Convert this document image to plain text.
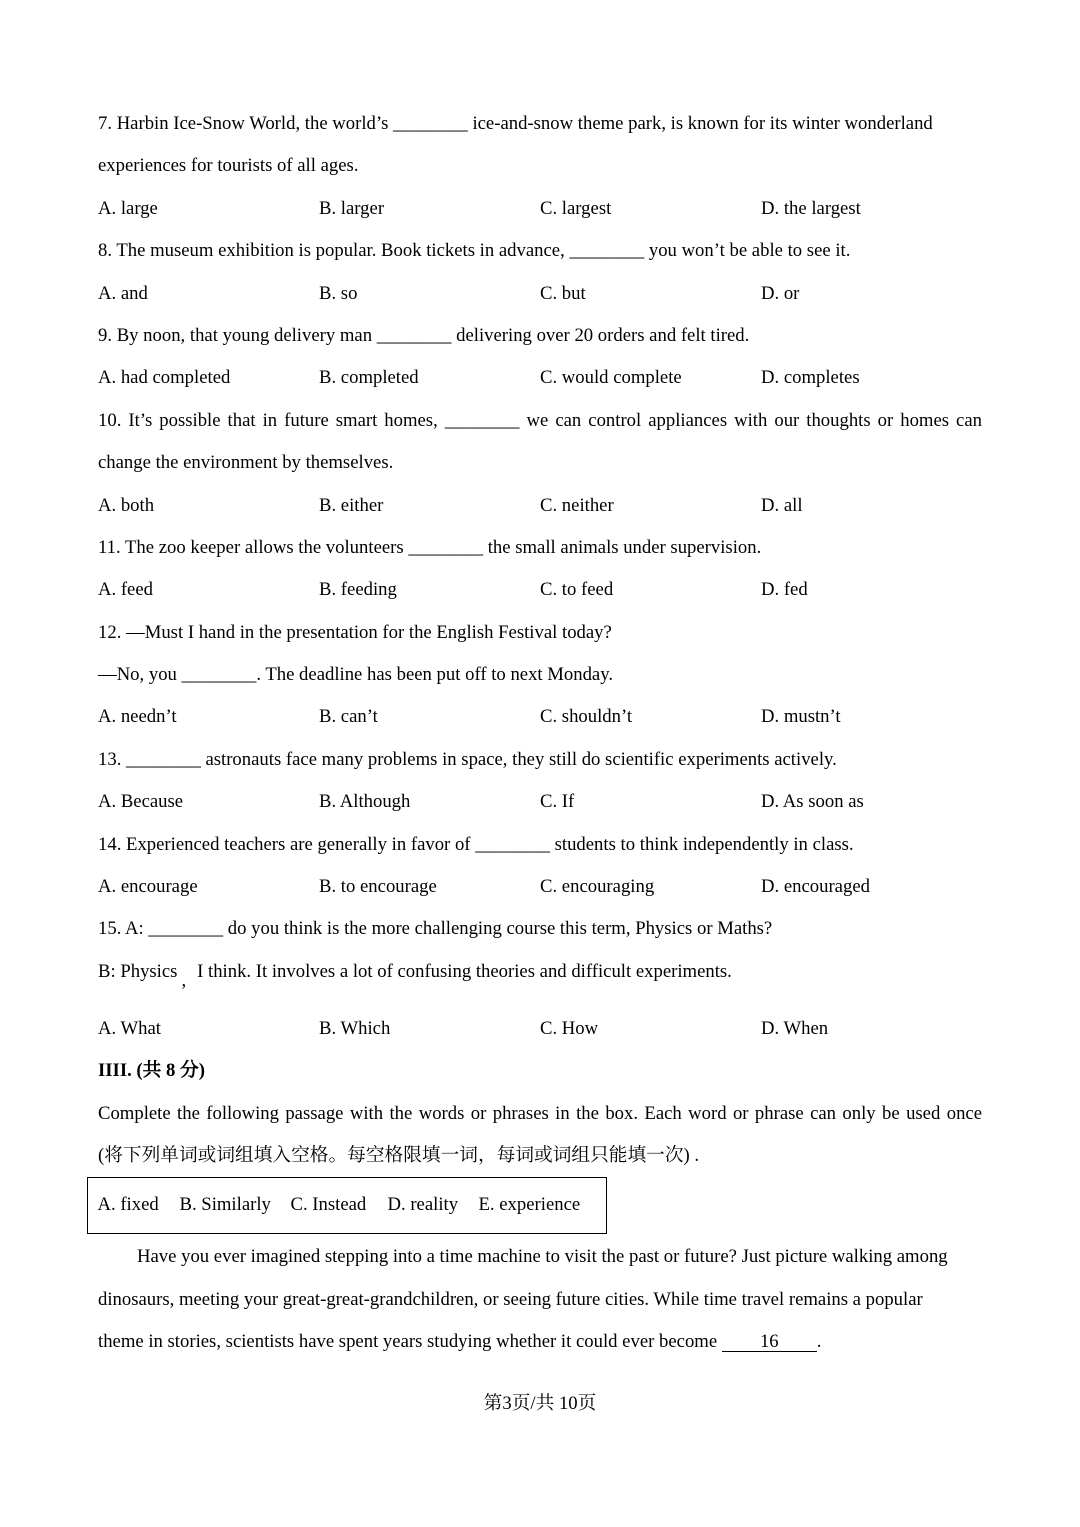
7. Harbin Ice-Snow World, the world’s ________ ice-and-snow theme park, is known for its winter wonderland
experiences for tourists of all ages.
A. large	B. larger	C. largest	D. the largest
8. The museum exhibition is popular. Book tickets in advance, ________ you won’t be able to see it.
A. and	B. so	C. but	D. or
9. By noon, that young delivery man ________ delivering over 20 orders and felt tired.
A. had completed	B. completed	C. would complete	D. completes
10. It’s possible that in future smart homes, ________ we can control appliances with our thoughts or homes can
change the environment by themselves.
A. both	B. either	C. neither	D. all
11. The zoo keeper allows the volunteers ________ the small animals under supervision.
A. feed	B. feeding	C. to feed	D. fed
12. —Must I hand in the presentation for the English Festival today?
—No, you ________. The deadline has been put off to next Monday.
A. needn’t	B. can’t	C. shouldn’t	D. mustn’t
13. ________ astronauts face many problems in space, they still do scientific experiments actively.
A. Because	B. Although	C. If	D. As soon as
14. Experienced teachers are generally in favor of ________ students to think independently in class.
A. encourage	B. to encourage	C. encouraging	D. encouraged
15. A: ________ do you think is the more challenging course this term, Physics or Maths?
B: Physics , I think. It involves a lot of confusing theories and difficult experiments.
A. What	B. Which	C. How	D. When
IIII. (共 8 分)
Complete the following passage with the words or phrases in the box. Each word or phrase can only be used once
(将下列单词或词组填入空格。每空格限填一词，每词或词组只能填一次) .
A. fixed B. Similarly C. Instead D. reality E. experience
Have you ever imagined stepping into a time machine to visit the past or future? Just picture walking among
dinosaurs, meeting your great-great-grandchildren, or seeing future cities. While time travel remains a popular
theme in stories, scientists have spent years studying whether it could ever become 16 .
第3页/共 10页
